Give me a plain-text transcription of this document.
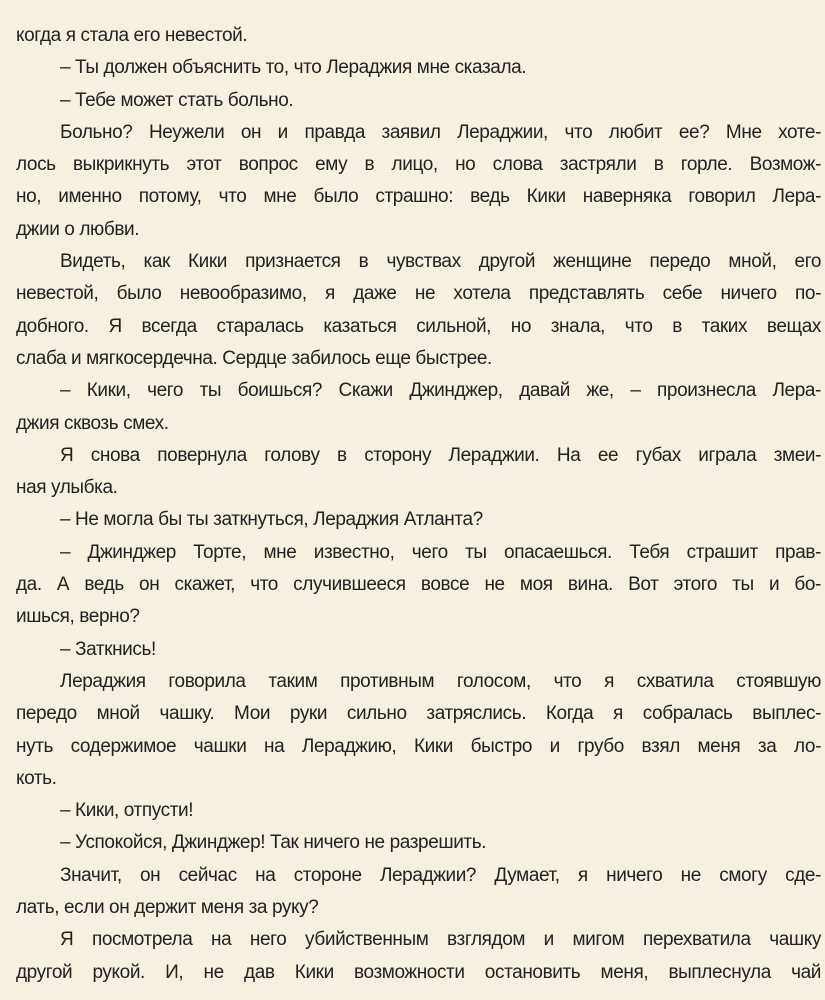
когда я стала его невестой.
– Ты должен объяснить то, что Лераджия мне сказала.
– Тебе может стать больно.
Больно? Неужели он и правда заявил Лераджии, что любит ее? Мне хоте-
лось выкрикнуть этот вопрос ему в лицо, но слова застряли в горле. Возмож-
но, именно потому, что мне было страшно: ведь Кики наверняка говорил Лера-
джии о любви.
Видеть, как Кики признается в чувствах другой женщине передо мной, его
невестой, было невообразимо, я даже не хотела представлять себе ничего по-
добного. Я всегда старалась казаться сильной, но знала, что в таких вещах
слаба и мягкосердечна. Сердце забилось еще быстрее.
– Кики, чего ты боишься? Скажи Джинджер, давай же, – произнесла Лера-
джия сквозь смех.
Я снова повернула голову в сторону Лераджии. На ее губах играла змеи-
ная улыбка.
– Не могла бы ты заткнуться, Лераджия Атланта?
– Джинджер Торте, мне известно, чего ты опасаешься. Тебя страшит прав-
да. А ведь он скажет, что случившееся вовсе не моя вина. Вот этого ты и бо-
ишься, верно?
– Заткнись!
Лераджия говорила таким противным голосом, что я схватила стоявшую
передо мной чашку. Мои руки сильно затряслись. Когда я собралась выплес-
нуть содержимое чашки на Лераджию, Кики быстро и грубо взял меня за ло-
коть.
– Кики, отпусти!
– Успокойся, Джинджер! Так ничего не разрешить.
Значит, он сейчас на стороне Лераджии? Думает, я ничего не смогу сде-
лать, если он держит меня за руку?
Я посмотрела на него убийственным взглядом и мигом перехватила чашку
другой рукой. И, не дав Кики возможности остановить меня, выплеснула чай
